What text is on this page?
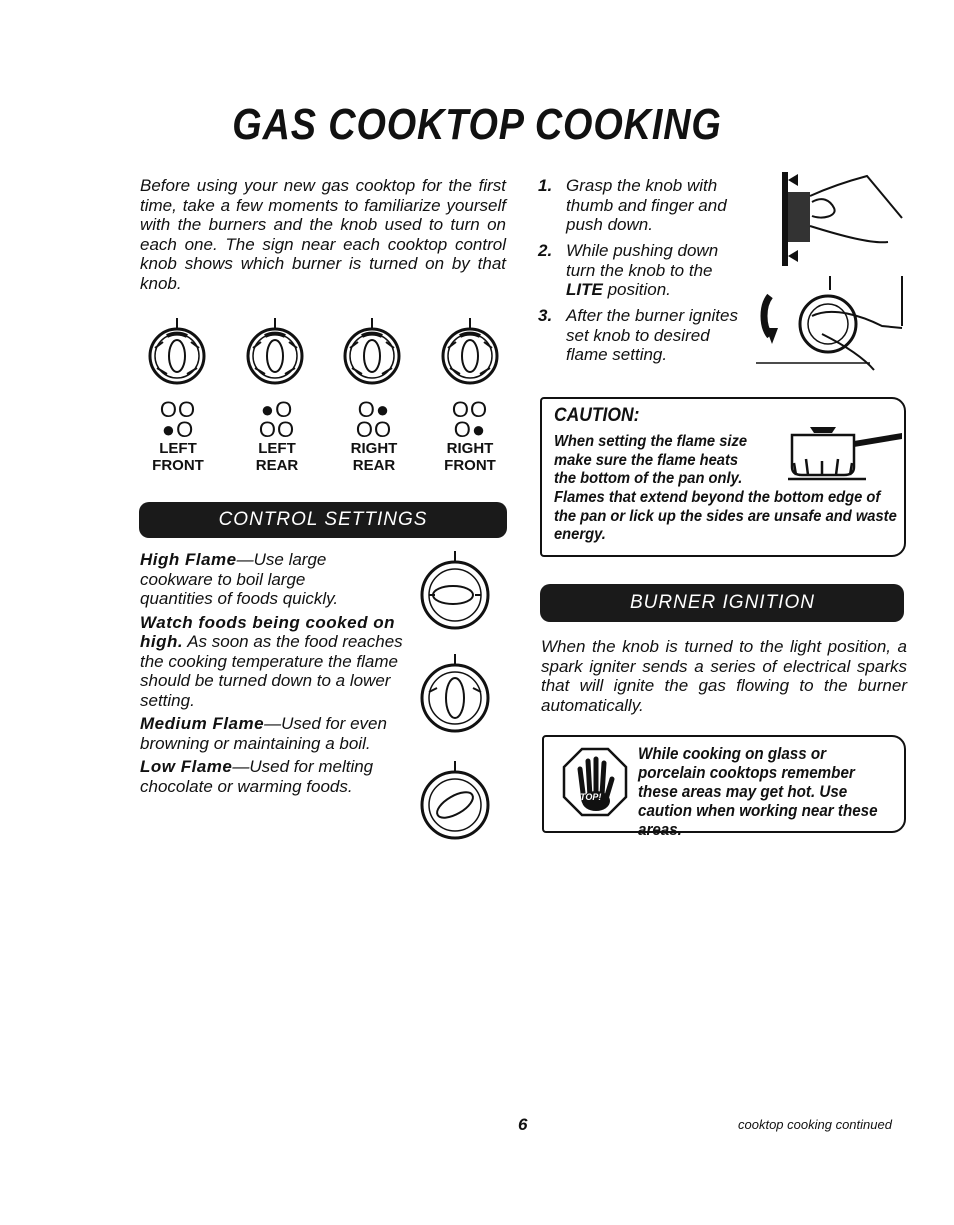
GAS COOKTOP COOKING
Before using your new gas cooktop for the first time, take a few moments to familiarize yourself with the burners and the knob used to turn on each one. The sign near each cooktop control knob shows which burner is turned on by that knob.
OO
●O
LEFT
FRONT
●O
OO
LEFT
REAR
O●
OO
RIGHT
REAR
OO
O●
RIGHT
FRONT
CONTROL SETTINGS

High Flame—Use large cookware to boil large quantities of foods quickly.

Watch foods being cooked on high. As soon as the food reaches the cooking temperature the flame should be turned down to a lower setting.

Medium Flame—Used for even browning or maintaining a boil.

Low Flame—Used for melting chocolate or warming foods.

1. Grasp the knob with thumb and finger and push down.
2. While pushing down turn the knob to the LITE position.
3. After the burner ignites set knob to desired flame setting.
CAUTION:
When setting the flame size make sure the flame heats the bottom of the pan only.
Flames that extend beyond the bottom edge of the pan or lick up the sides are unsafe and waste energy.
BURNER IGNITION
When the knob is turned to the light position, a spark igniter sends a series of electrical sparks that will ignite the gas flowing to the burner automatically.
STOP!
While cooking on glass or porcelain cooktops remember these areas may get hot. Use caution when working near these areas.
6	cooktop cooking continued
